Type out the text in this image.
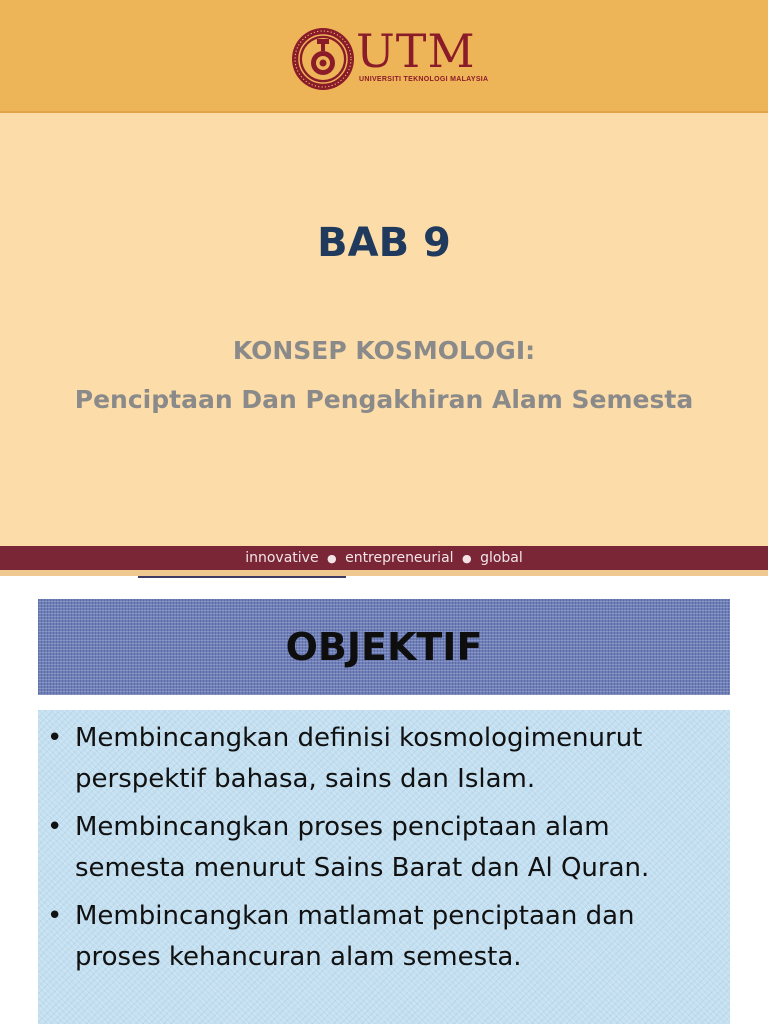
UTM
UNIVERSITI TEKNOLOGI MALAYSIA
BAB 9
KONSEP KOSMOLOGI:
Penciptaan Dan Pengakhiran Alam Semesta
innovative ● entrepreneurial ● global
OBJEKTIF
• Membincangkan definisi kosmologimenurut perspektif bahasa, sains dan Islam.
• Membincangkan proses penciptaan alam semesta menurut Sains Barat dan Al Quran.
• Membincangkan matlamat penciptaan dan proses kehancuran alam semesta.
